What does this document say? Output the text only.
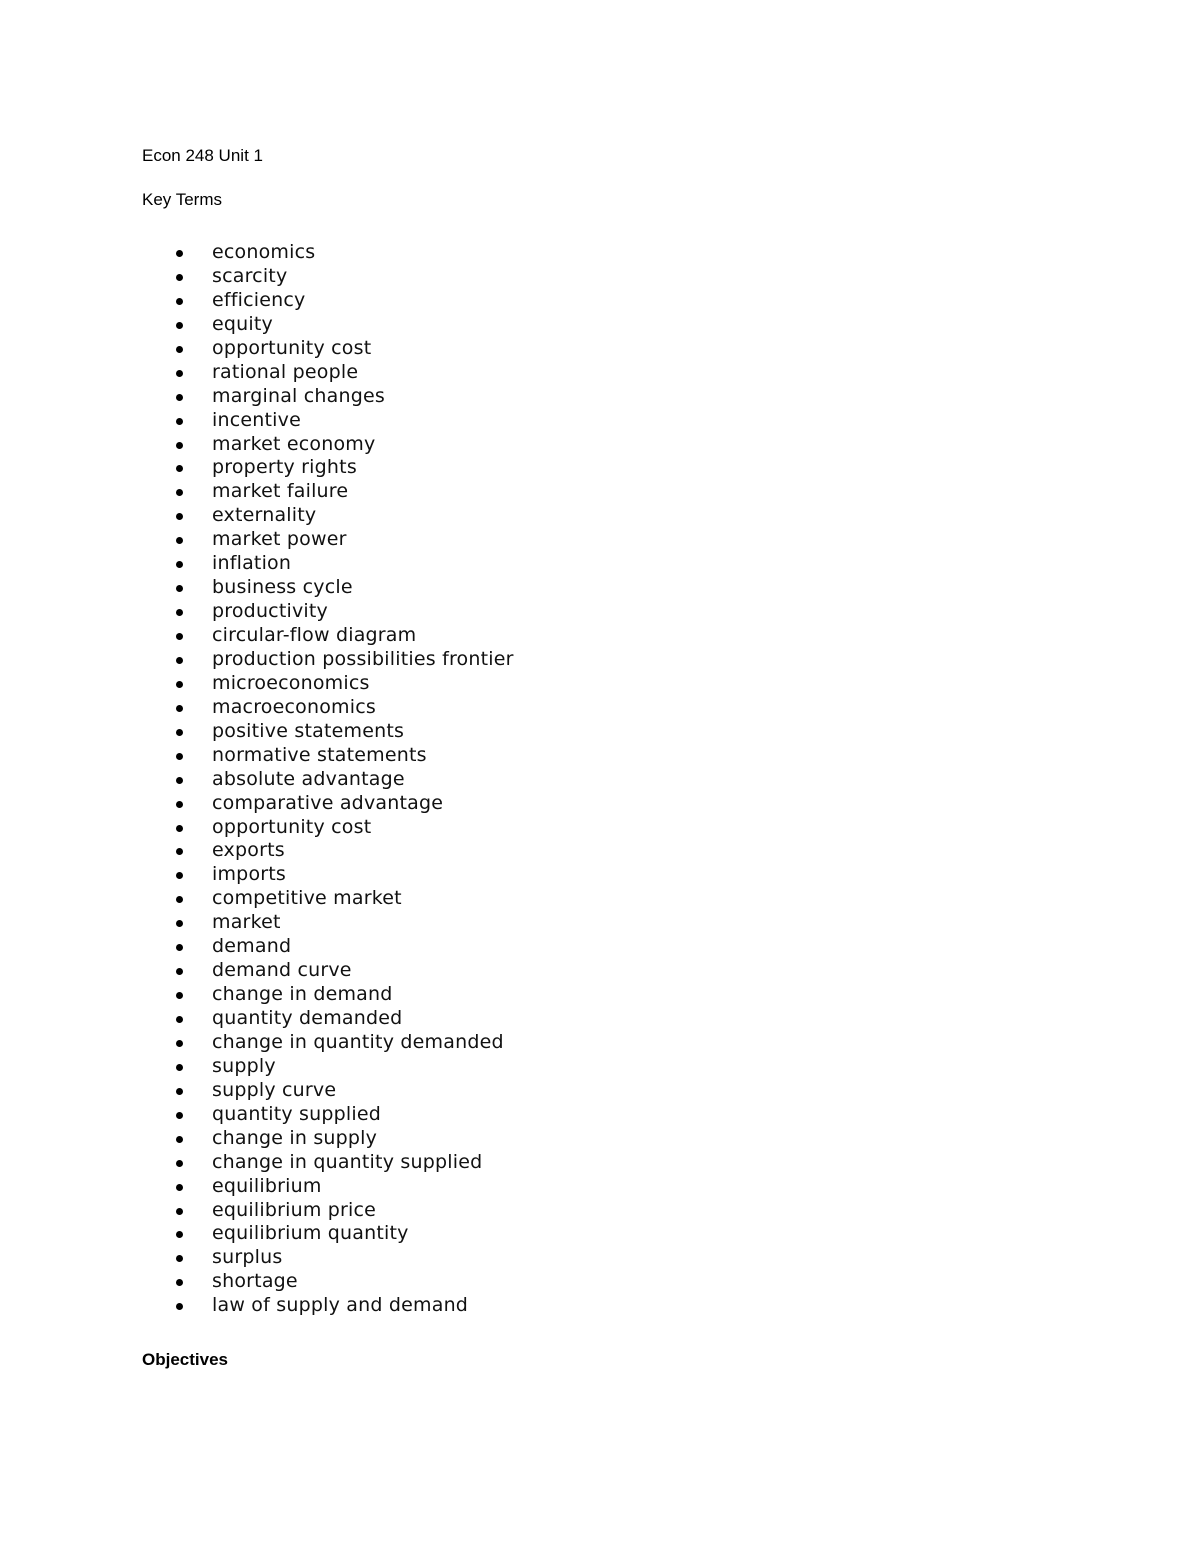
Econ 248 Unit 1

Key Terms

economics
scarcity
efficiency
equity
opportunity cost
rational people
marginal changes
incentive
market economy
property rights
market failure
externality
market power
inflation
business cycle
productivity
circular-flow diagram
production possibilities frontier
microeconomics
macroeconomics
positive statements
normative statements
absolute advantage
comparative advantage
opportunity cost
exports
imports
competitive market
market
demand
demand curve
change in demand
quantity demanded
change in quantity demanded
supply
supply curve
quantity supplied
change in supply
change in quantity supplied
equilibrium
equilibrium price
equilibrium quantity
surplus
shortage
law of supply and demand

Objectives
